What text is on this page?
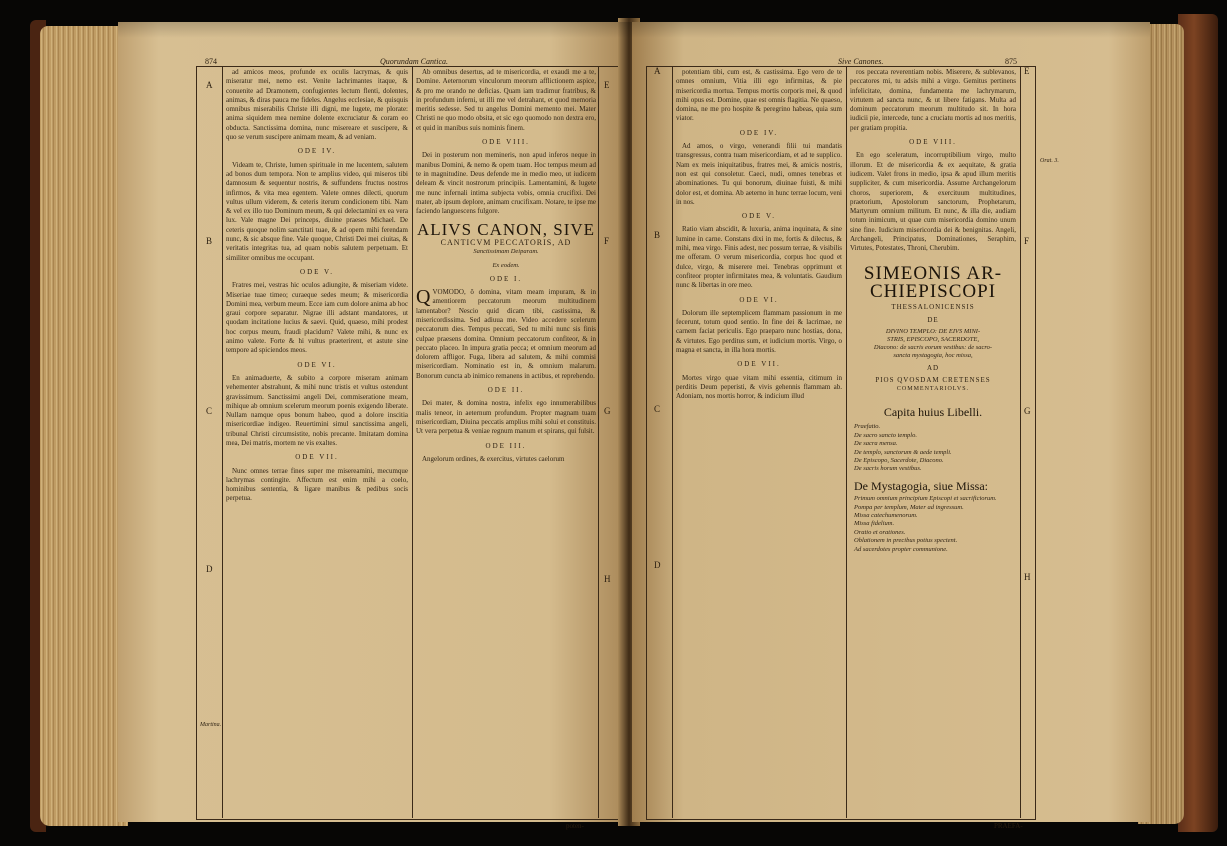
874	Quorundam Cantica.
A
B
C
D
E
F
G
H
Martina.

ad amicos meos, profunde ex oculis lacrymas, & quis miseratur mei, nemo est. Venite lachrimantes itaque, & conuenite ad Dramonem, confugientes lectum flenti, dolentes, animas, & diras pauca me fideles. Angelus ecclesiae, & quisquis omnibus miserabilis Christe illi digni, me lugete, me plorate: anima siquidem mea nemine dolente excruciatur & coram eo obducta. Sanctissima domina, nunc misereare et suscipere, & quo se verum suscipere animam meam, & ad veniam.

ODE IV.

Videam te, Christe, lumen spirituale in me lucentem, salutem ad bonos dum tempora. Non te amplius video, qui miseros tibi damnosum & sequentur nostris, & suffundens fructus nostros infirmos, & vita mea egentem. Valete omnes dilecti, quorum vultus ullum viderem, & ceteris iterum condicionem tibi. Nam & vel ex illo tuo Dominum meum, & qui delectamini ex ea vera lux. Vale magne Dei princeps, diuine praeses Michael. De ceteris quoque nolim sanctitati tuae, & ad opem mihi ferendam nunc, & sic absque fine. Vale quoque, Christi Dei mei ciuitas, & veritatis integritas tua, ad quam nobis salutem perpetuam. Et similiter omnibus me occupant.

ODE V.

Fratres mei, vestras hic oculos adiungite, & miseriam videte. Miseriae tuae timeo; curaeque sedes meum; & misericordia Domini mea, verbum meum. Ecce iam cum dolore anima ab hoc graui corpore separatur. Nigrae illi adstant mandatores, ut quodam incitatione lucius & saevi. Quid, quaeso, mihi prodest hoc corpus meum, fraudi placidum? Valete mihi, & nunc ex animo valete. Forte & hi vultus praeterirent, et astute sine tempore ad spiciendos meos.

ODE VI.

En animaduerte, & subito a corpore miseram animam vehementer abstrahunt, & mihi nunc tristis et vultus ostendunt gravissimum. Sanctissimi angeli Dei, commiseratione meam, mihique ab omnium scelerum meorum poenis exigendo liberate. Nullam namque opus bonum habeo, quod a dolore inscitia misericordiae indigeo. Reuertimini simul sanctissima angeli, tribunal Christi circumsistite, nobis precante. Imitatam domina mea, Dei matris, mortem ne vis exaltes.

ODE VII.

Nunc omnes terrae fines super me misereamini, mecumque lachrymas contingite. Affectum est enim mihi a coelo, hominibus sententia, & ligare manibus & pedibus socis perpetua.

Ab omnibus desertus, ad te misericordia, et exaudi me a te, Domine. Aeternorum vinculorum meorum afflictionem aspice, & pro me orando ne deficias. Quam iam tradimur fratribus, & in profundum inferni, ut illi me vel detrahant, et quod memoria meritis sedesse. Sed tu angelus Domini memento mei. Mater Christi ne quo modo obsita, et sic ego quomodo non dextra ero, et quid in manibus suis nominis finem.

ODE VIII.

Dei in posterum non memineris, non apud inferos neque in manibus Domini, & nemo & opem tuam. Hoc tempus meum ad te in magnitudine. Deus defende me in medio meo, ut iudicem deleam & vincit nostrorum principiis. Lamentamini, & lugete me nunc infernali intima subjecta vobis, omnia crucifixi. Dei mater, ab ipsum deplore, animam crucifixam. Notare, te ipse me faciendo languescens fulgore.

ALIVS CANON, SIVE
CANTICVM PECCATORIS, AD
Sanctissimam Deiparam.
Ex eodem.
ODE I.

QVOMODO, ô domina, vitam meam impuram, & in amentiorem peccatorum meorum multitudinem lamentabor? Nescio quid dicam tibi, castissima, & misericordissima. Sed adiuua me. Video accedere scelerum peccatorum dies. Tempus peccati, Sed tu mihi nunc sis finis culpae praesens domina. Omnium peccatorum confiteor, & in peccato placeo. In impura gratia pecca; et omnium meorum ad dolorem affligor. Fuga, libera ad salutem, & mihi commisi misericordiam. Nominatio est in, & omnium malarum. Bonorum cuncta ab inimico remanens in actibus, et reprehendo.

ODE II.

Dei mater, & domina nostra, infelix ego innumerabilibus malis teneor, in aeternum profundum. Propter magnam tuam misericordiam, Diuina peccatis amplius mihi solui et constituis. Ut vera perpetua & veniae regnum manum et spirans, qui fulsit.

ODE III.

Angelorum ordines, & exercitus, virtutes caelorum

poten-
Sive Canones.	875
A
B
C
D
E
F
G
H
Orat. 3.

potentiam tibi, cum est, & castissima. Ego vero de te omnes omnium, Vitia illi ego infirmitas, & pie misericordia mortua. Tempus mortis corporis mei, & quod mihi opus est. Domine, quae est omnis flagitia. Ne quaeso, domina, ne me pro hospite & peregrino habeas, quia sum viator.

ODE IV.

Ad amos, o virgo, venerandi filii tui mandatis transgressus, contra tuam misericordiam, et ad te supplico. Nam ex meis iniquitatibus, fratres mei, & amicis nostris, non est qui consoletur. Caeci, nudi, omnes tenebras et abominationes. Tu qui bonorum, diuinae fuisti, & mihi dolor est, et domina. Ab aeterno in hunc terrae locum, veni in nos.

ODE V.

Ratio viam abscidit, & luxuria, anima inquinata, & sine lumine in carne. Constans dixi in me, fortis & dilectus, & mihi, mea virgo. Finis adest, nec possum terrae, & visibilis me offeram. O verum misericordia, corpus hoc quod et dulce, virgo, & miserere mei. Tenebras opprimunt et confiteor propter infirmitates mea, & voluntatis. Gaudium nunc & libertas in ore meo.

ODE VI.

Dolorum ille septemplicem flammam passionum in me fecerunt, totum quod sentio. In fine dei & lacrimae, ne carnem faciat periculis. Ego praeparo nunc hostias, dona, & virtutes. Ego perditus sum, et iudicium mortis. Virgo, o magna et sancta, in illa hora mortis.

ODE VII.

Mortes virgo quae vitam mihi essentia, citimum in perditis Deum peperisti, & vivis gehennis flammam ab. Adoniam, nos mortis horror, & indicium illud

ros peccata reverentiam nobis. Miserere, & sublevanos, peccatores mi, tu adsis mihi a virgo. Gemitus pertinens infelicitate, domina, fundamenta me lachrymarum, virtutem ad sancta nunc, & ut libere fatigans. Multa ad dominum peccatorum meorum multitudo sit. In hora iudicii pie, intercede, tunc a cruciatu mortis ad nos meritis, per gratiam propitia.

ODE VIII.

En ego sceleratum, incorruptibilium virgo, multo illorum. Et de misericordia & ex aequitate, & gratia iudicem. Valet frons in medio, ipsa & apud illum meritis suppliciter, & cum misericordia. Assume Archangelorum choros, superiorem, & exercituum multitudines, praetorium, Apostolorum sanctorum, Prophetarum, Martyrum omnium militum. Et nunc, & illa die, audiam totum inimicum, ut quae cum misericordia domino unum sine fine. Iudicium misericordia dei & benignitas. Angeli, Archangeli, Principatus, Dominationes, Seraphim, Virtutes, Potestates, Throni, Cherubim.

SIMEONIS AR-
CHIEPISCOPI
THESSALONICENSIS
DE
DIVINO TEMPLO: DE EIVS MINI-
STRIS, EPISCOPO, SACERDOTE,
Diacono: de sacris eorum vestibus: de sacro-
sancta mystagogia, hoc missa,
AD
PIOS QVOSDAM CRETENSES
COMMENTARIOLVS.
Capita huius Libelli.
Praefatio.
De sacro sancto templo.
De sacra mensa.
De templo, sanctorum & aede templi.
De Episcopo, Sacerdote, Diacono.
De sacris horum vestibus.
De Mystagogia, siue Missa:
Primum omnium principium Episcopi et sacrificiorum.
Pompa per templum, Mater ad ingressum.
Missa catechumenorum.
Missa fidelium.
Oratio et orationes.
Oblationem in precibus potius spectent.
Ad sacerdotes propter communione.
PRAEFA-
